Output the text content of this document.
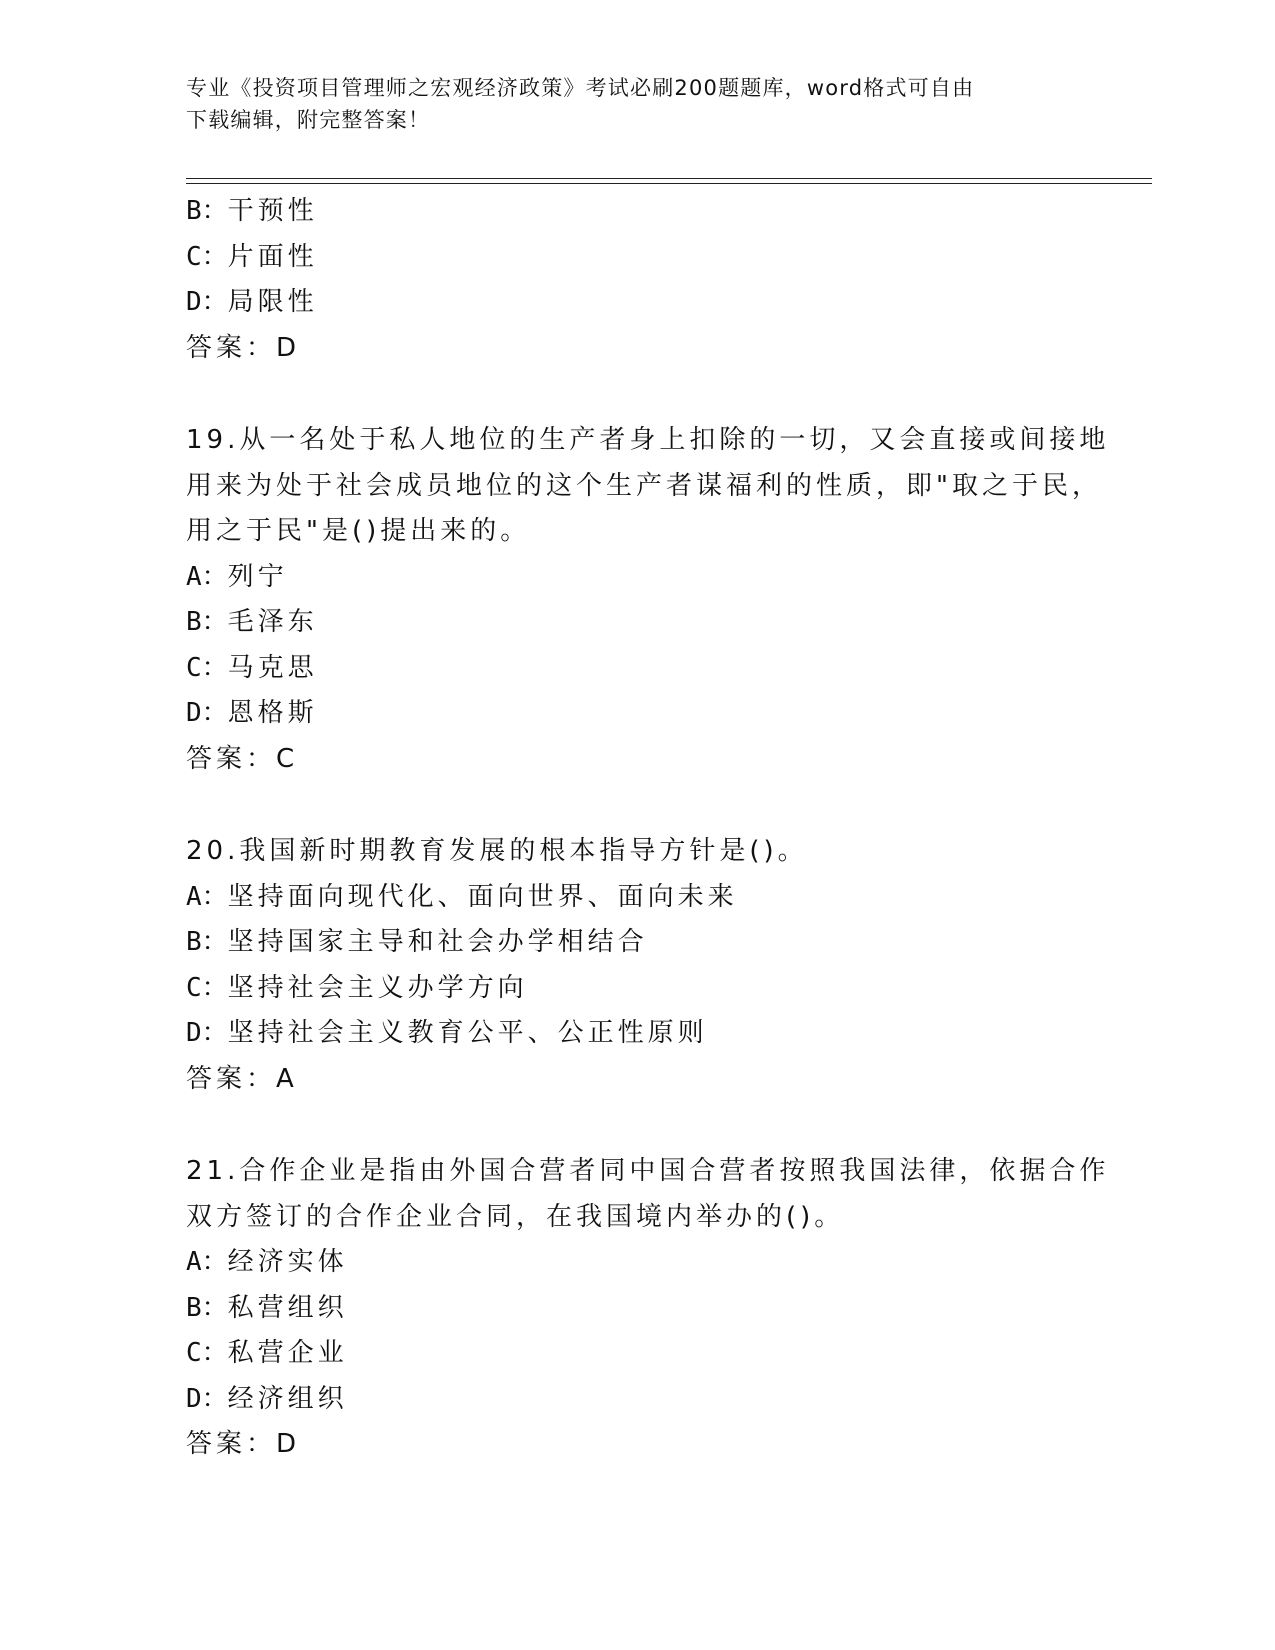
专业《投资项目管理师之宏观经济政策》考试必刷200题题库，word格式可自由
下载编辑，附完整答案！
B：干预性
C：片面性
D：局限性
答案：D
19.从一名处于私人地位的生产者身上扣除的一切，又会直接或间接地
用来为处于社会成员地位的这个生产者谋福利的性质，即"取之于民，
用之于民"是()提出来的。
A：列宁
B：毛泽东
C：马克思
D：恩格斯
答案：C
20.我国新时期教育发展的根本指导方针是()。
A：坚持面向现代化、面向世界、面向未来
B：坚持国家主导和社会办学相结合
C：坚持社会主义办学方向
D：坚持社会主义教育公平、公正性原则
答案：A
21.合作企业是指由外国合营者同中国合营者按照我国法律，依据合作
双方签订的合作企业合同，在我国境内举办的()。
A：经济实体
B：私营组织
C：私营企业
D：经济组织
答案：D
